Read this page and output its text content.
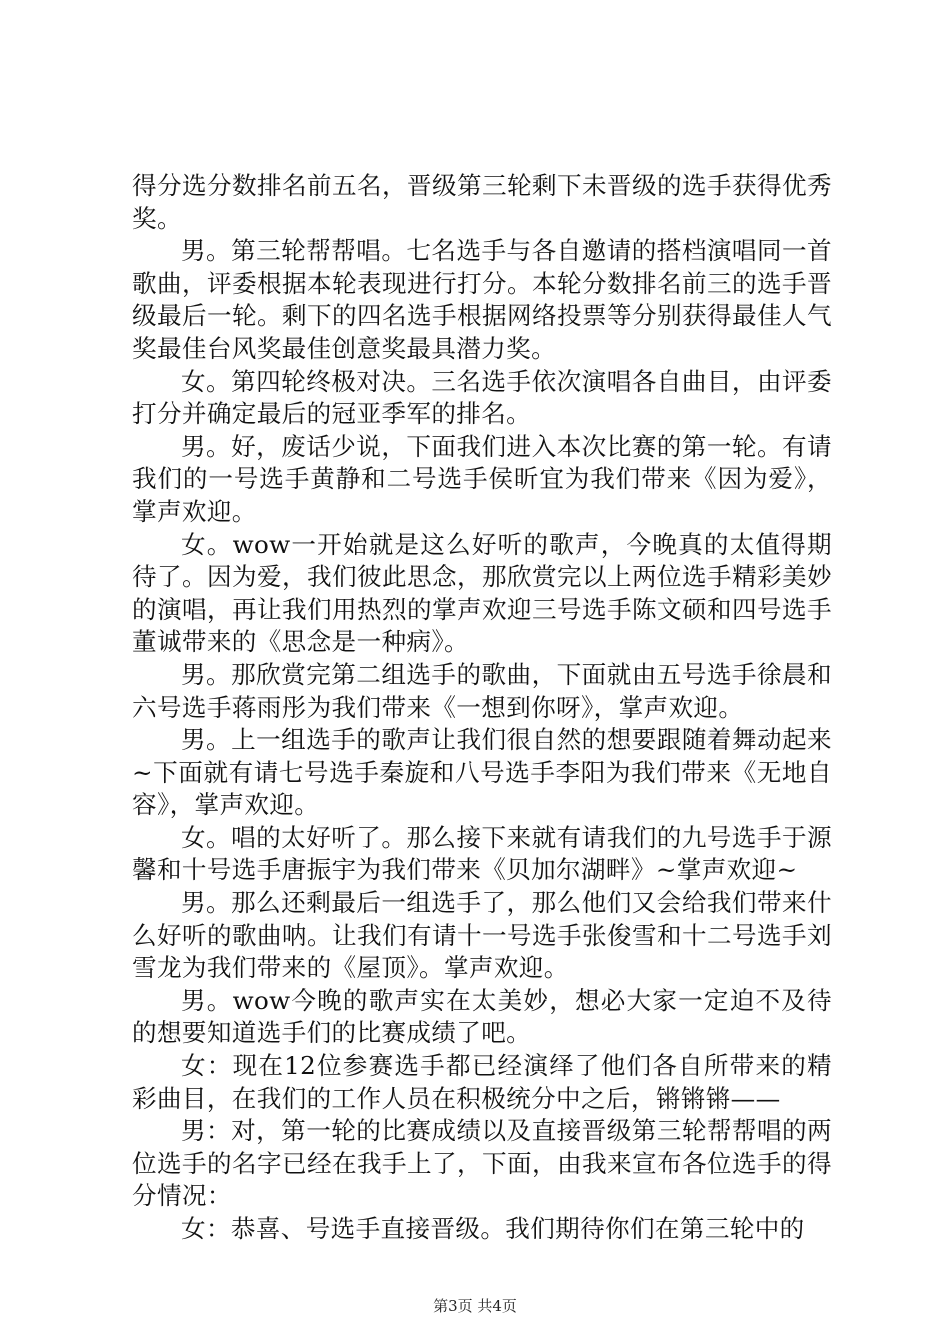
得分选分数排名前五名，晋级第三轮剩下未晋级的选手获得优秀奖。

男。第三轮帮帮唱。七名选手与各自邀请的搭档演唱同一首歌曲，评委根据本轮表现进行打分。本轮分数排名前三的选手晋级最后一轮。剩下的四名选手根据网络投票等分别获得最佳人气奖最佳台风奖最佳创意奖最具潜力奖。

女。第四轮终极对决。三名选手依次演唱各自曲目，由评委打分并确定最后的冠亚季军的排名。

男。好，废话少说，下面我们进入本次比赛的第一轮。有请我们的一号选手黄静和二号选手侯昕宜为我们带来《因为爱》，掌声欢迎。

女。wow一开始就是这么好听的歌声，今晚真的太值得期待了。因为爱，我们彼此思念，那欣赏完以上两位选手精彩美妙的演唱，再让我们用热烈的掌声欢迎三号选手陈文硕和四号选手董诚带来的《思念是一种病》。

男。那欣赏完第二组选手的歌曲，下面就由五号选手徐晨和六号选手蒋雨彤为我们带来《一想到你呀》，掌声欢迎。

男。上一组选手的歌声让我们很自然的想要跟随着舞动起来~下面就有请七号选手秦旋和八号选手李阳为我们带来《无地自容》，掌声欢迎。

女。唱的太好听了。那么接下来就有请我们的九号选手于源馨和十号选手唐振宇为我们带来《贝加尔湖畔》~掌声欢迎~

男。那么还剩最后一组选手了，那么他们又会给我们带来什么好听的歌曲呐。让我们有请十一号选手张俊雪和十二号选手刘雪龙为我们带来的《屋顶》。掌声欢迎。

男。wow今晚的歌声实在太美妙，想必大家一定迫不及待的想要知道选手们的比赛成绩了吧。

女：现在12位参赛选手都已经演绎了他们各自所带来的精彩曲目，在我们的工作人员在积极统分中之后，锵锵锵——

男：对，第一轮的比赛成绩以及直接晋级第三轮帮帮唱的两位选手的名字已经在我手上了，下面，由我来宣布各位选手的得分情况：

女：恭喜、号选手直接晋级。我们期待你们在第三轮中的

第3页 共4页
